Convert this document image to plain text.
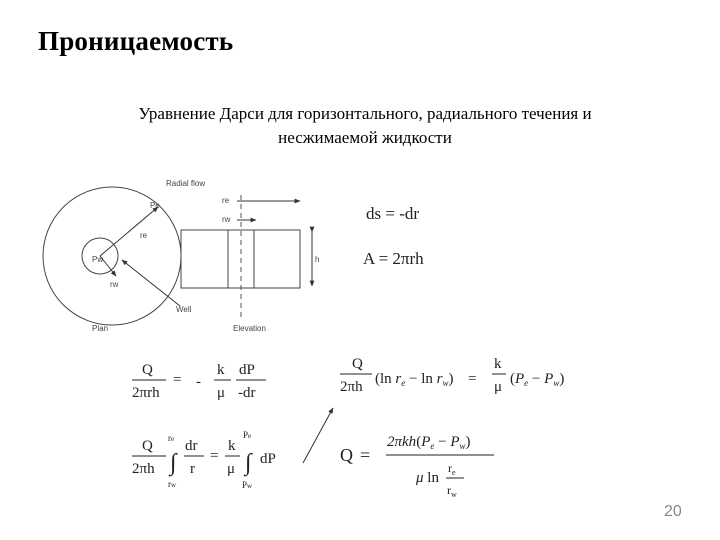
Проницаемость
Уравнение Дарси для горизонтального, радиального течения и
несжимаемой жидкости
Pe
re
Pw
rw
Plan
Well
Radial flow
re
rw
h
Elevation
ds = -dr
A = 2πrh
Q
2πrh
= -
k
μ
dP
-dr
Q
2πh ∫
re
rw
dr
r
=
k
μ ∫
Pe
Pw
dP
Q
2πh (ln $r_e - \ln r_w$) =
k
μ $(P_e - P_w)$
Q =
$2\pi kh(P_e - P_w)$
μ ln
$r_e$
$r_w$
20
